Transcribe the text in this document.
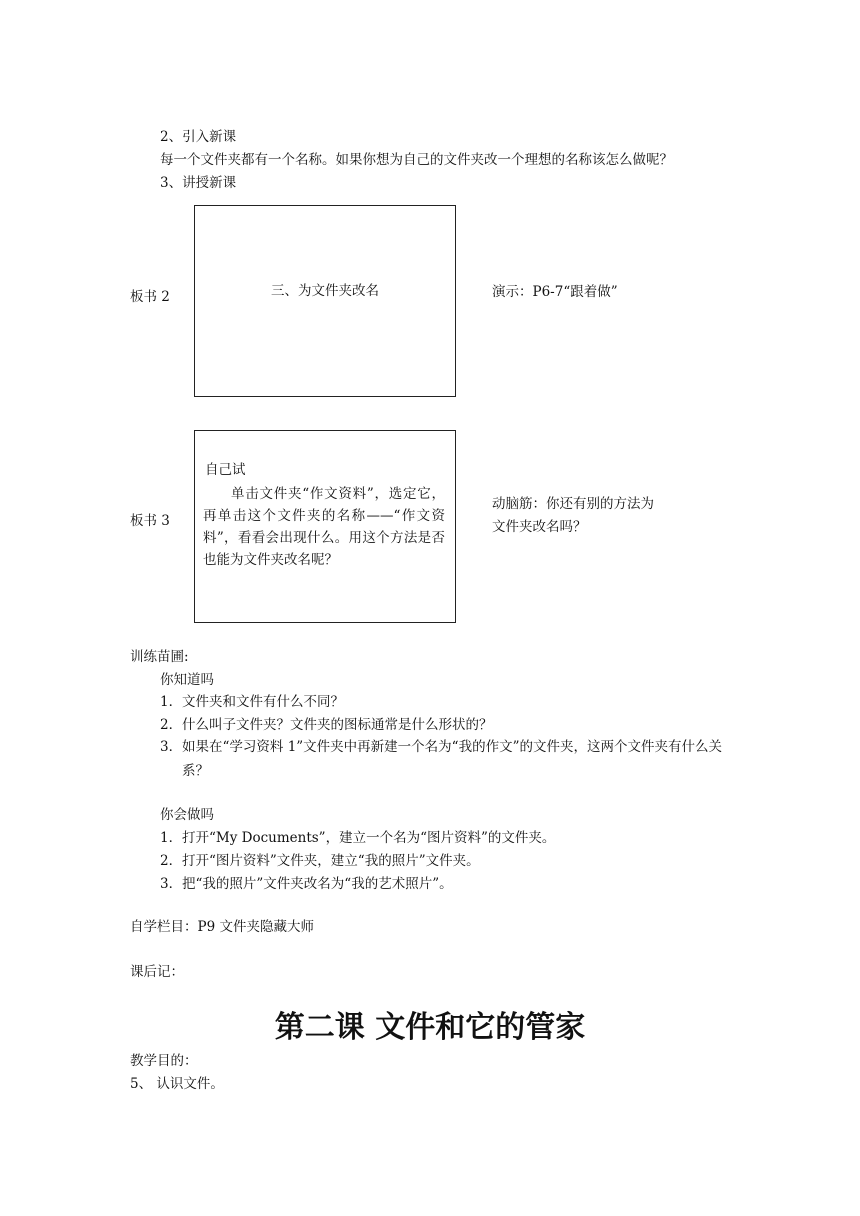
2、引入新课
每一个文件夹都有一个名称。如果你想为自己的文件夹改一个理想的名称该怎么做呢？
3、讲授新课
板书 2	三、为文件夹改名	演示：P6-7“跟着做”
板书 3
自己试
单击文件夹“作文资料”，选定它，再单击这个文件夹的名称——“作文资料”，看看会出现什么。用这个方法是否也能为文件夹改名呢？
动脑筋：你还有别的方法为
文件夹改名吗？
训练苗圃:
你知道吗
1．文件夹和文件有什么不同？
2．什么叫子文件夹？文件夹的图标通常是什么形状的？
3． 如果在“学习资料 1”文件夹中再新建一个名为“我的作文”的文件夹，这两个文件夹有什么关系？
你会做吗
1．打开“My Documents”，建立一个名为“图片资料”的文件夹。
2．打开“图片资料”文件夹，建立“我的照片”文件夹。
3．把“我的照片”文件夹改名为“我的艺术照片”。
自学栏目：P9 文件夹隐藏大师
课后记：
第二课 文件和它的管家
教学目的：
5、 认识文件。
